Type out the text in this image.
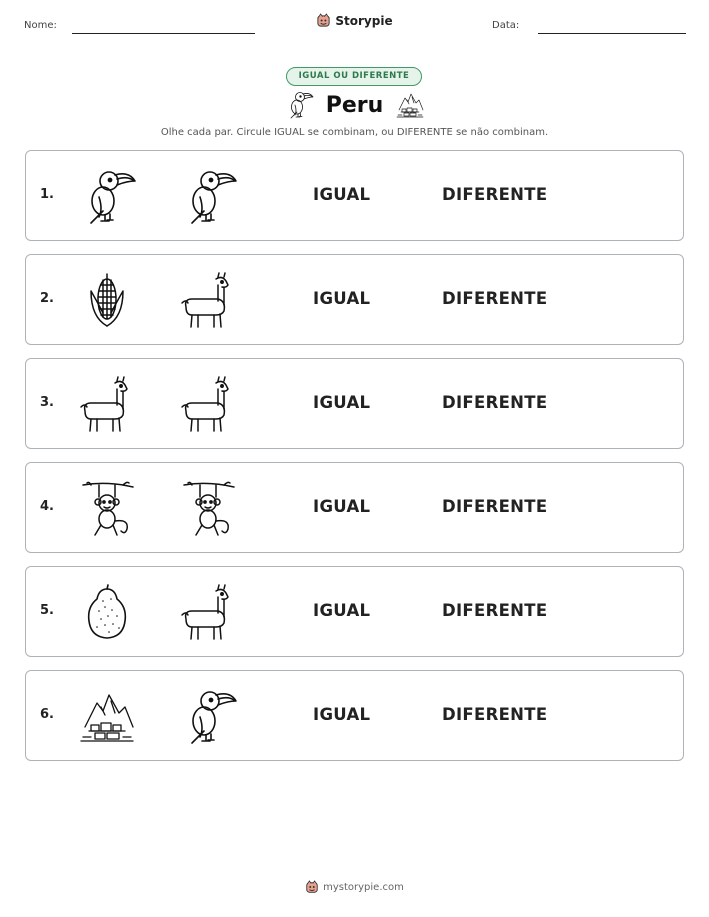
Nome:	Data:
Storypie
IGUAL OU DIFERENTE
Peru
Olhe cada par. Circule IGUAL se combinam, ou DIFERENTE se não combinam.
1.	IGUAL	DIFERENTE
2.	IGUAL	DIFERENTE
3.	IGUAL	DIFERENTE
4.	IGUAL	DIFERENTE
5.	IGUAL	DIFERENTE
6.	IGUAL	DIFERENTE
mystorypie.com
